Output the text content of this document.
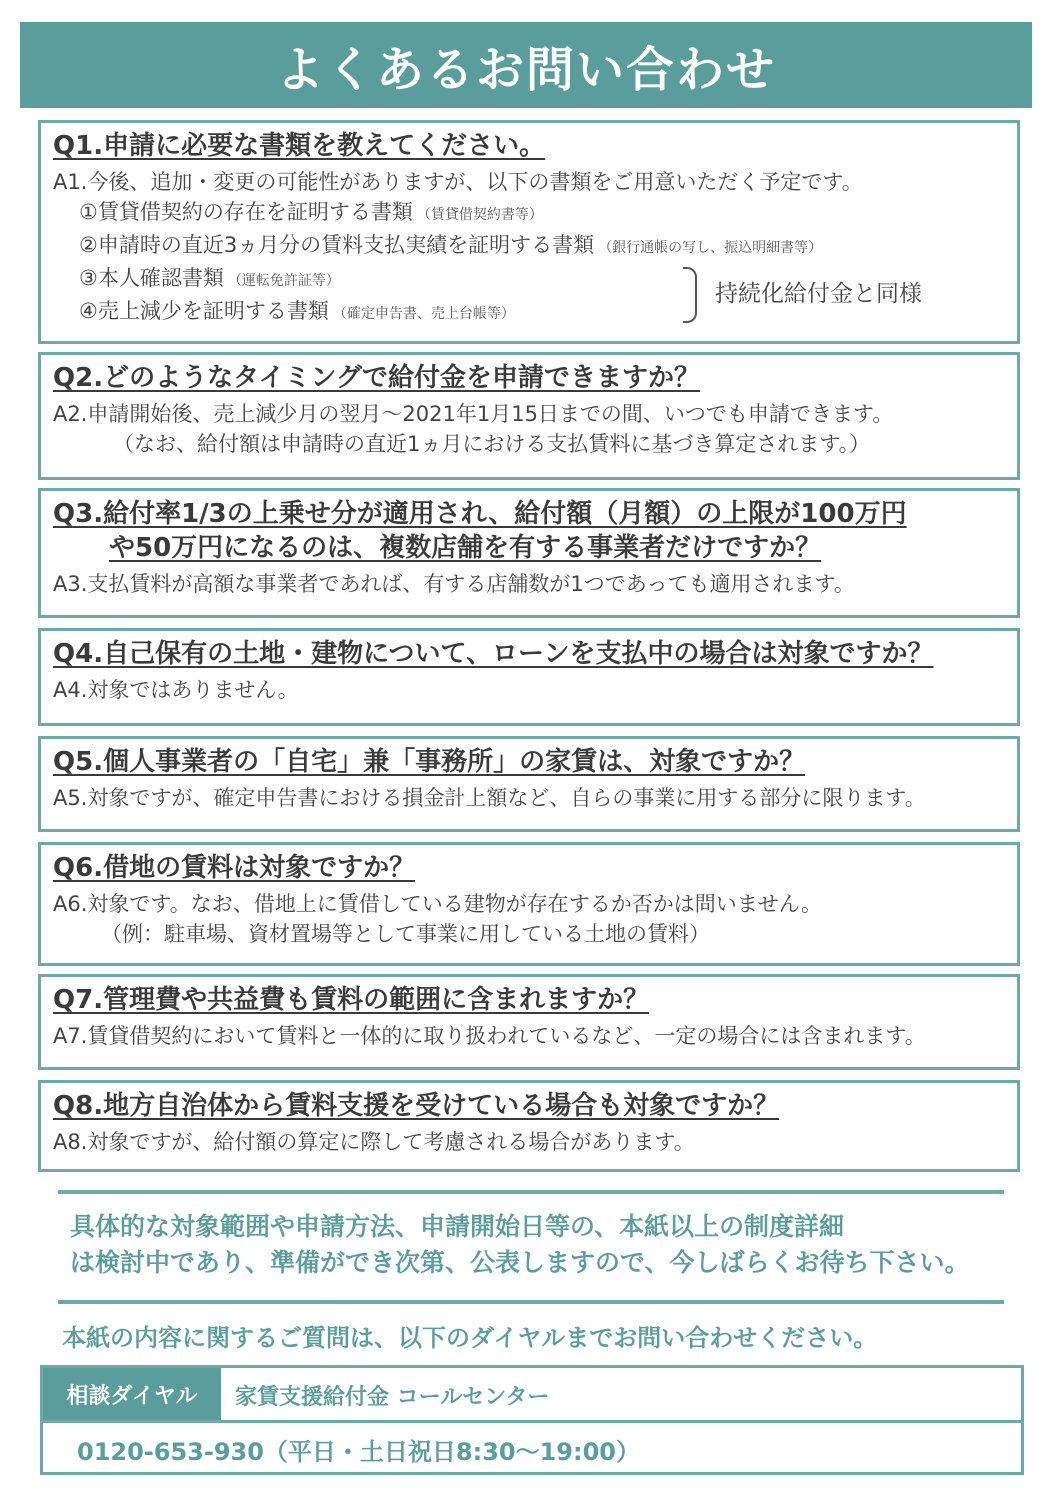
よくあるお問い合わせ

Q1.申請に必要な書類を教えてください。

A1.今後、追加・変更の可能性がありますが、以下の書類をご用意いただく予定です。

①賃貸借契約の存在を証明する書類 （賃貸借契約書等）

②申請時の直近3ヵ月分の賃料支払実績を証明する書類 （銀行通帳の写し、振込明細書等）

③本人確認書類 （運転免許証等）

④売上減少を証明する書類 （確定申告書、売上台帳等）

持続化給付金と同様

Q2.どのようなタイミングで給付金を申請できますか？

A2.申請開始後、売上減少月の翌月～2021年1月15日までの間、いつでも申請できます。

（なお、給付額は申請時の直近1ヵ月における支払賃料に基づき算定されます。）

Q3.給付率1/3の上乗せ分が適用され、給付額（月額）の上限が100万円

や50万円になるのは、複数店舗を有する事業者だけですか？

A3.支払賃料が高額な事業者であれば、有する店舗数が1つであっても適用されます。

Q4.自己保有の土地・建物について、ローンを支払中の場合は対象ですか？

A4.対象ではありません。

Q5.個人事業者の「自宅」兼「事務所」の家賃は、対象ですか？

A5.対象ですが、確定申告書における損金計上額など、自らの事業に用する部分に限ります。

Q6.借地の賃料は対象ですか？

A6.対象です。なお、借地上に賃借している建物が存在するか否かは問いません。

（例：駐車場、資材置場等として事業に用している土地の賃料）

Q7.管理費や共益費も賃料の範囲に含まれますか？

A7.賃貸借契約において賃料と一体的に取り扱われているなど、一定の場合には含まれます。

Q8.地方自治体から賃料支援を受けている場合も対象ですか？

A8.対象ですが、給付額の算定に際して考慮される場合があります。

具体的な対象範囲や申請方法、申請開始日等の、本紙以上の制度詳細

は検討中であり、準備ができ次第、公表しますので、今しばらくお待ち下さい。

本紙の内容に関するご質問は、以下のダイヤルまでお問い合わせください。
相談ダイヤル	家賃支援給付金 コールセンター
0120-653-930（平日・土日祝日8:30～19:00）
